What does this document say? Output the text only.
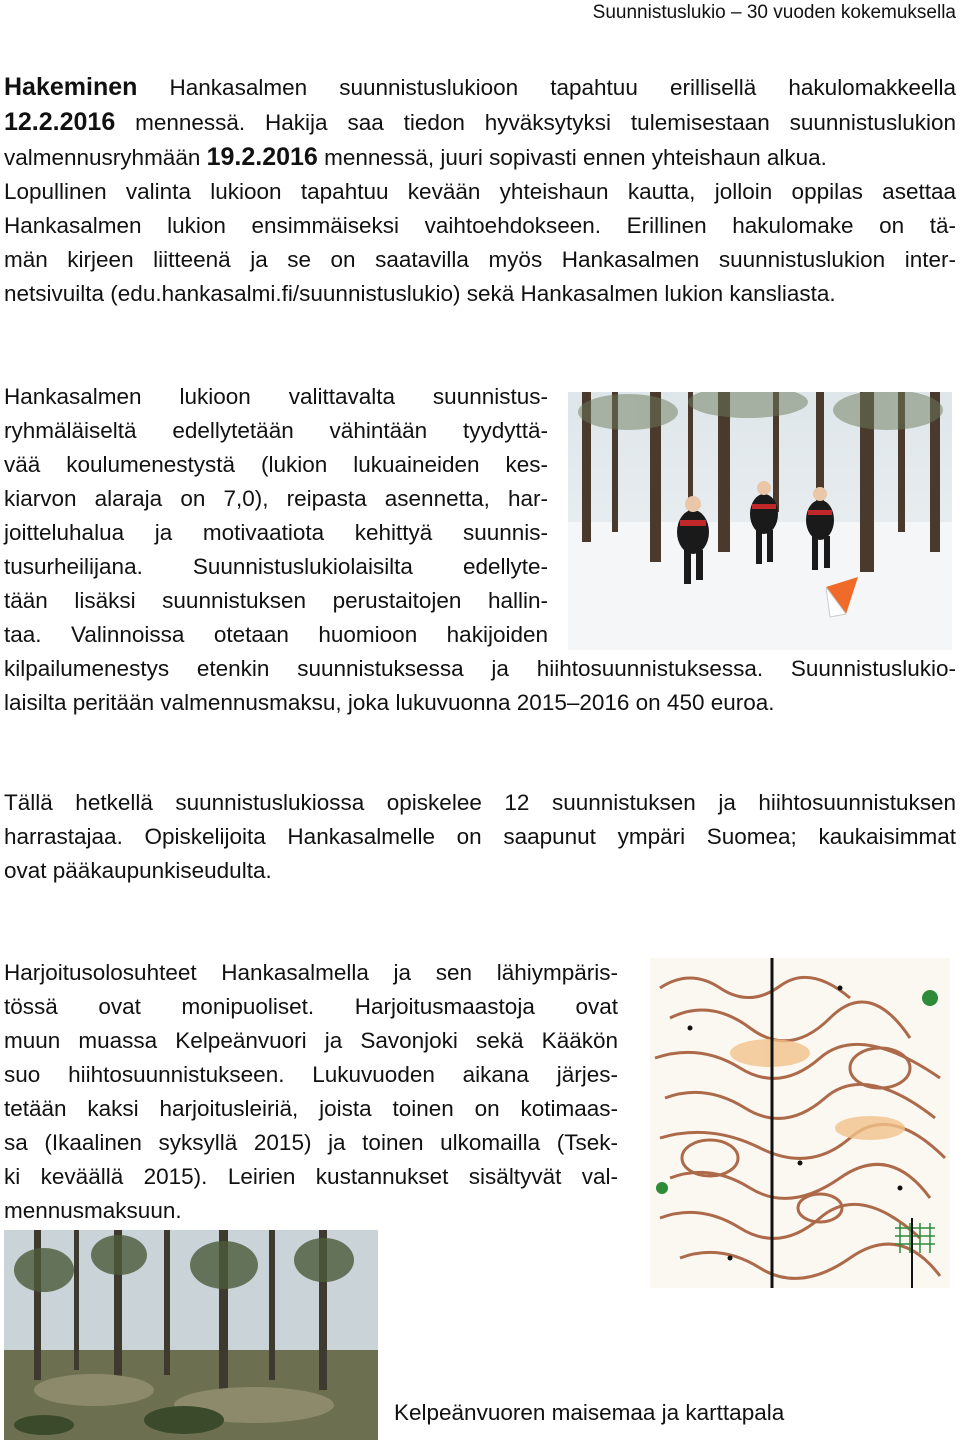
Suunnistuslukio – 30 vuoden kokemuksella
Hakeminen Hankasalmen suunnistuslukioon tapahtuu erillisellä hakulomakkeella
12.2.2016 mennessä. Hakija saa tiedon hyväksytyksi tulemisestaan suunnistuslukion
valmennusryhmään 19.2.2016 mennessä, juuri sopivasti ennen yhteishaun alkua.
Lopullinen valinta lukioon tapahtuu kevään yhteishaun kautta, jolloin oppilas asettaa
Hankasalmen lukion ensimmäiseksi vaihtoehdokseen. Erillinen hakulomake on tä-
män kirjeen liitteenä ja se on saatavilla myös Hankasalmen suunnistuslukion inter-
netsivuilta (edu.hankasalmi.fi/suunnistuslukio) sekä Hankasalmen lukion kansliasta.
Hankasalmen lukioon valittavalta suunnistus-
ryhmäläiseltä edellytetään vähintään tyydyttä-
vää koulumenestystä (lukion lukuaineiden kes-
kiarvon alaraja on 7,0), reipasta asennetta, har-
joitteluhalua ja motivaatiota kehittyä suunnis-
tusurheilijana. Suunnistuslukiolaisilta edellyte-
tään lisäksi suunnistuksen perustaitojen hallin-
taa. Valinnoissa otetaan huomioon hakijoiden
kilpailumenestys etenkin suunnistuksessa ja hiihtosuunnistuksessa. Suunnistuslukio-
laisilta peritään valmennusmaksu, joka lukuvuonna 2015–2016 on 450 euroa.
Tällä hetkellä suunnistuslukiossa opiskelee 12 suunnistuksen ja hiihtosuunnistuksen
harrastajaa. Opiskelijoita Hankasalmelle on saapunut ympäri Suomea; kaukaisimmat
ovat pääkaupunkiseudulta.
Harjoitusolosuhteet Hankasalmella ja sen lähiympäris-
tössä ovat monipuoliset. Harjoitusmaastoja ovat
muun muassa Kelpeänvuori ja Savonjoki sekä Kääkön
suo hiihtosuunnistukseen. Lukuvuoden aikana järjes-
tetään kaksi harjoitusleiriä, joista toinen on kotimaas-
sa (Ikaalinen syksyllä 2015) ja toinen ulkomailla (Tsek-
ki keväällä 2015). Leirien kustannukset sisältyvät val-
mennusmaksuun.
Kelpeänvuoren maisemaa ja karttapala
